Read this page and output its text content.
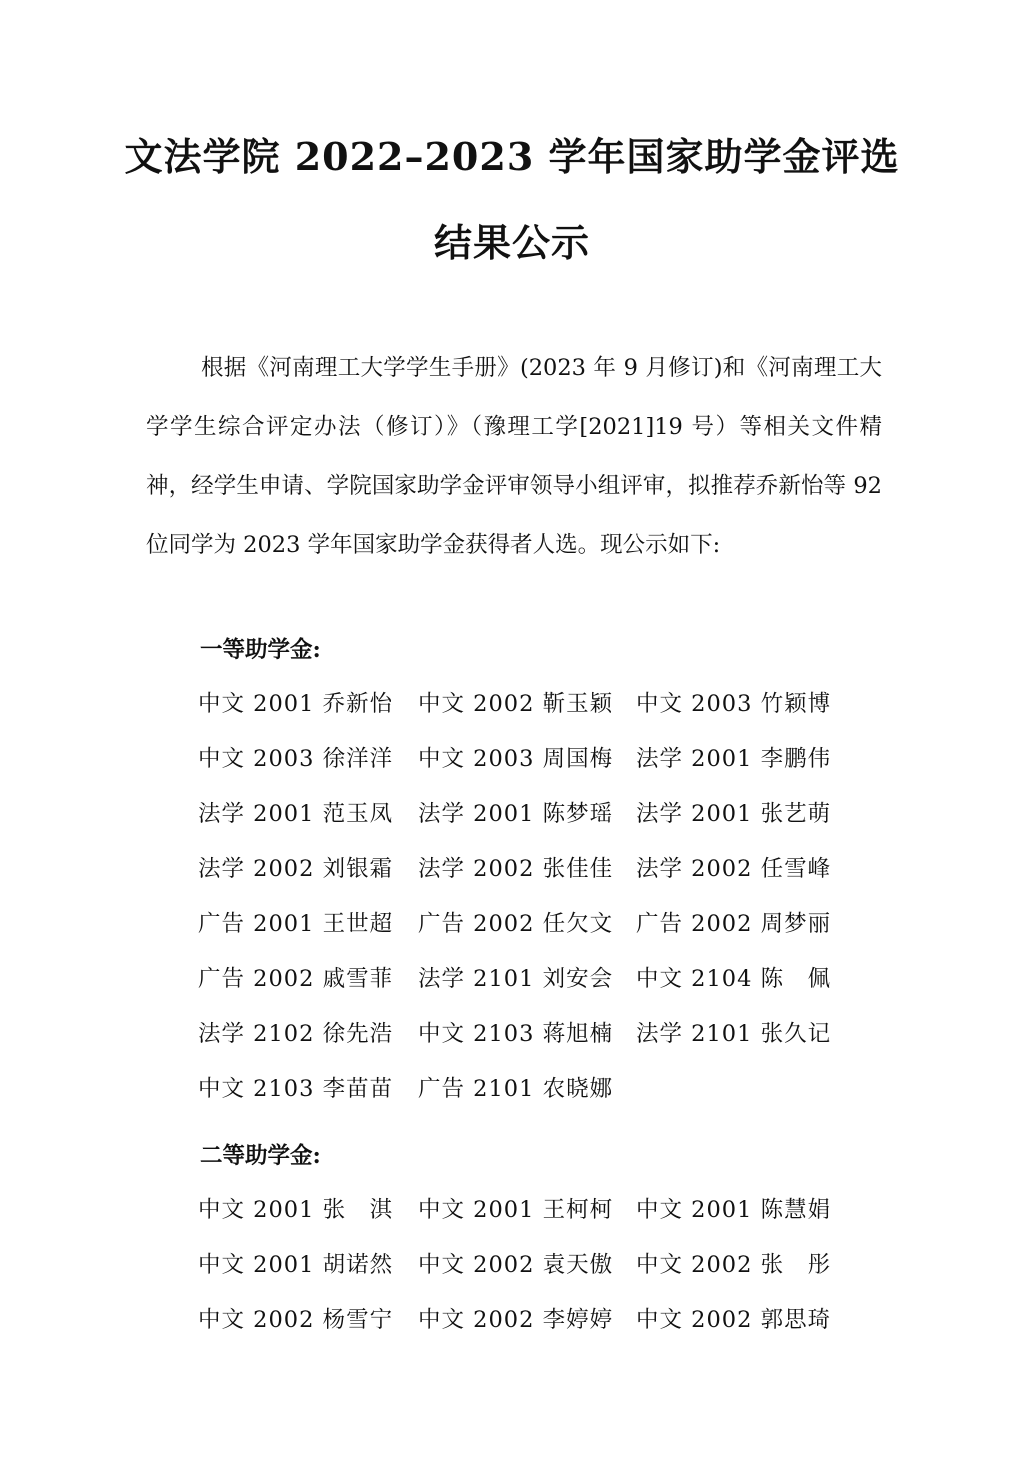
文法学院 2022–2023 学年国家助学金评选
结果公示

根据《河南理工大学学生手册》(2023 年 9 月修订)和《河南理工大学学生综合评定办法（修订）》（豫理工学[2021]19 号）等相关文件精神，经学生申请、学院国家助学金评审领导小组评审，拟推荐乔新怡等 92 位同学为 2023 学年国家助学金获得者人选。现公示如下:

一等助学金:
中文 2001 乔新怡	中文 2002 靳玉颖	中文 2003 竹颖博
中文 2003 徐洋洋	中文 2003 周国梅	法学 2001 李鹏伟
法学 2001 范玉凤	法学 2001 陈梦瑶	法学 2001 张艺萌
法学 2002 刘银霜	法学 2002 张佳佳	法学 2002 任雪峰
广告 2001 王世超	广告 2002 任欠文	广告 2002 周梦丽
广告 2002 戚雪菲	法学 2101 刘安会	中文 2104 陈　佩
法学 2102 徐先浩	中文 2103 蒋旭楠	法学 2101 张久记
中文 2103 李苗苗	广告 2101 农晓娜
二等助学金:
中文 2001 张　淇	中文 2001 王柯柯	中文 2001 陈慧娟
中文 2001 胡诺然	中文 2002 袁天傲	中文 2002 张　彤
中文 2002 杨雪宁	中文 2002 李婷婷	中文 2002 郭思琦
